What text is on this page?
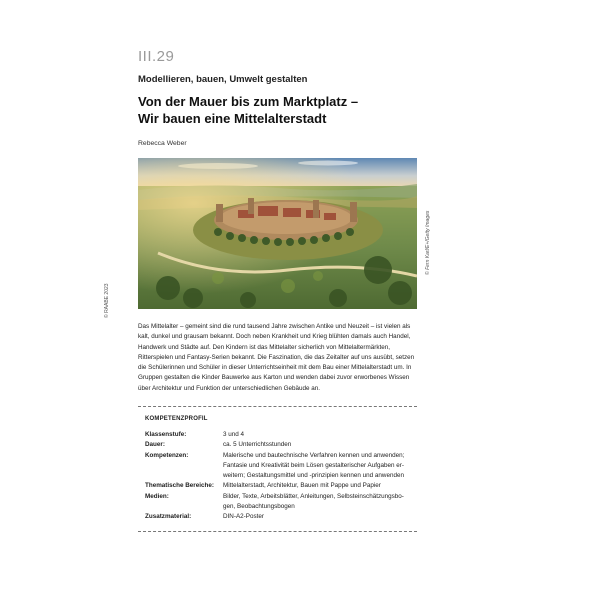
III.29
Modellieren, bauen, Umwelt gestalten
Von der Mauer bis zum Marktplatz –
Wir bauen eine Mittelalterstadt
Rebecca Weber
© Fern Karl/E+/Getty Images
© RAABE 2023
Das Mittelalter – gemeint sind die rund tausend Jahre zwischen Antike und Neuzeit – ist vielen als kalt, dunkel und grausam bekannt. Doch neben Krankheit und Krieg blühten damals auch Handel, Handwerk und Städte auf. Den Kindern ist das Mittelalter sicherlich von Mittelaltermärkten, Ritterspielen und Fantasy-Serien bekannt. Die Faszination, die das Zeitalter auf uns ausübt, setzen die Schülerinnen und Schüler in dieser Unterrichtseinheit mit dem Bau einer Mittelalterstadt um. In Gruppen gestalten die Kinder Bauwerke aus Karton und wenden dabei zuvor erworbenes Wissen über Architektur und Funktion der unterschiedlichen Gebäude an.
KOMPETENZPROFIL
Klassenstufe:	3 und 4
Dauer:	ca. 5 Unterrichtsstunden
Kompetenzen:	Malerische und bautechnische Verfahren kennen und anwenden;
Fantasie und Kreativität beim Lösen gestalterischer Aufgaben er-
weitern; Gestaltungsmittel und -prinzipien kennen und anwenden
Thematische Bereiche:	Mittelalterstadt, Architektur, Bauen mit Pappe und Papier
Medien:	Bilder, Texte, Arbeitsblätter, Anleitungen, Selbsteinschätzungsbo-
gen, Beobachtungsbogen
Zusatzmaterial:	DIN-A2-Poster
